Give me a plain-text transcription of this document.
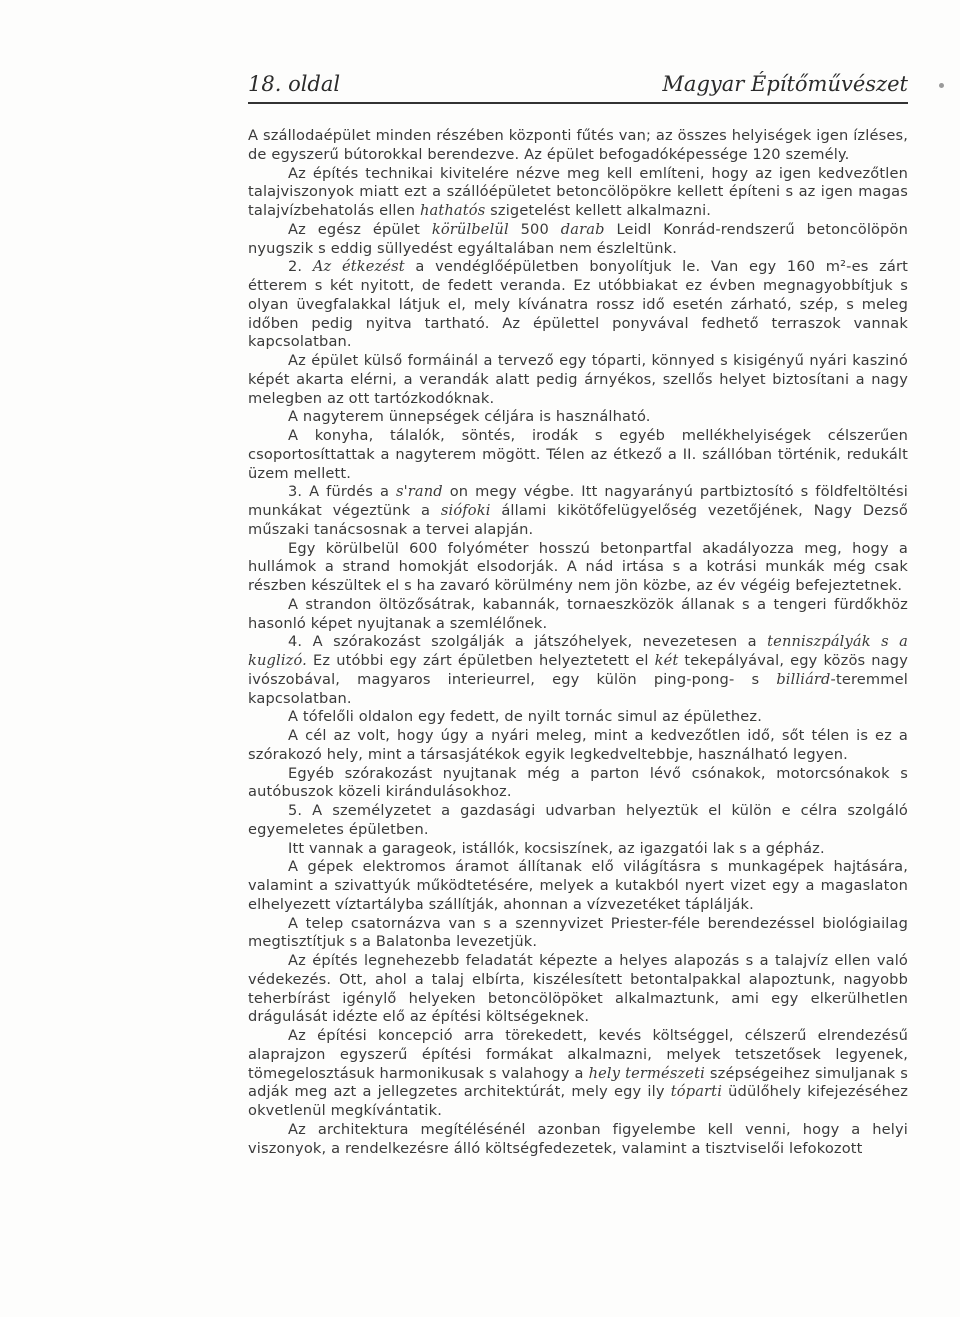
18. oldal	Magyar Építőművészet

A szállodaépület minden részében központi fűtés van; az összes helyiségek igen ízléses, de egyszerű bútorokkal berendezve. Az épület befogadóképessége 120 személy.

Az építés technikai kivitelére nézve meg kell említeni, hogy az igen kedvezőtlen talajviszonyok miatt ezt a szállóépületet betoncölöpökre kellett építeni s az igen magas talajvízbehatolás ellen hathatós szigetelést kellett alkalmazni.

Az egész épület körülbelül 500 darab Leidl Konrád-rendszerű betoncölöpön nyugszik s eddig süllyedést egyáltalában nem észleltünk.

2. Az étkezést a vendéglőépületben bonyolítjuk le. Van egy 160 m²-es zárt étterem s két nyitott, de fedett veranda. Ez utóbbiakat ez évben megnagyobbítjuk s olyan üvegfalakkal látjuk el, mely kívánatra rossz idő esetén zárható, szép, s meleg időben pedig nyitva tartható. Az épülettel ponyvával fedhető terraszok vannak kapcsolatban.

Az épület külső formáinál a tervező egy tóparti, könnyed s kisigényű nyári kaszinó képét akarta elérni, a verandák alatt pedig árnyékos, szellős helyet biztosítani a nagy melegben az ott tartózkodóknak.

A nagyterem ünnepségek céljára is használható.

A konyha, tálalók, söntés, irodák s egyéb mellékhelyiségek célszerűen csoportosíttattak a nagyterem mögött. Télen az étkező a II. szállóban történik, redukált üzem mellett.

3. A fürdés a s'rand on megy végbe. Itt nagyarányú partbiztosító s földfeltöltési munkákat végeztünk a siófoki állami kikötőfelügyelőség vezetőjének, Nagy Dezső műszaki tanácsosnak a tervei alapján.

Egy körülbelül 600 folyóméter hosszú betonpartfal akadályozza meg, hogy a hullámok a strand homokját elsodorják. A nád irtása s a kotrási munkák még csak részben készültek el s ha zavaró körülmény nem jön közbe, az év végéig befejeztetnek.

A strandon öltözősátrak, kabannák, tornaeszközök állanak s a tengeri fürdőkhöz hasonló képet nyujtanak a szemlélőnek.

4. A szórakozást szolgálják a játszóhelyek, nevezetesen a tenniszpályák s a kuglizó. Ez utóbbi egy zárt épületben helyeztetett el két tekepályával, egy közös nagy ivószobával, magyaros interieurrel, egy külön ping-pong- s billiárd-teremmel kapcsolatban.

A tófelőli oldalon egy fedett, de nyilt tornác simul az épülethez.

A cél az volt, hogy úgy a nyári meleg, mint a kedvezőtlen idő, sőt télen is ez a szórakozó hely, mint a társasjátékok egyik legkedveltebbje, használható legyen.

Egyéb szórakozást nyujtanak még a parton lévő csónakok, motorcsónakok s autóbuszok közeli kirándulásokhoz.

5. A személyzetet a gazdasági udvarban helyeztük el külön e célra szolgáló egyemeletes épületben.

Itt vannak a garageok, istállók, kocsiszínek, az igazgatói lak s a gépház.

A gépek elektromos áramot állítanak elő világításra s munkagépek hajtására, valamint a szivattyúk működtetésére, melyek a kutakból nyert vizet egy a magaslaton elhelyezett víztartályba szállítják, ahonnan a vízvezetéket táplálják.

A telep csatornázva van s a szennyvizet Priester-féle berendezéssel biológiailag megtisztítjuk s a Balatonba levezetjük.

Az építés legnehezebb feladatát képezte a helyes alapozás s a talajvíz ellen való védekezés. Ott, ahol a talaj elbírta, kiszélesített betontalpakkal alapoztunk, nagyobb teherbírást igénylő helyeken betoncölöpöket alkalmaztunk, ami egy elkerülhetlen drágulását idézte elő az építési költségeknek.

Az építési koncepció arra törekedett, kevés költséggel, célszerű elrendezésű alaprajzon egyszerű építési formákat alkalmazni, melyek tetszetősek legyenek, tömegelosztásuk harmonikusak s valahogy a hely természeti szépségeihez simuljanak s adják meg azt a jellegzetes architektúrát, mely egy ily tóparti üdülőhely kifejezéséhez okvetlenül megkívántatik.

Az architektura megítélésénél azonban figyelembe kell venni, hogy a helyi viszonyok, a rendelkezésre álló költségfedezetek, valamint a tisztviselői lefokozott
